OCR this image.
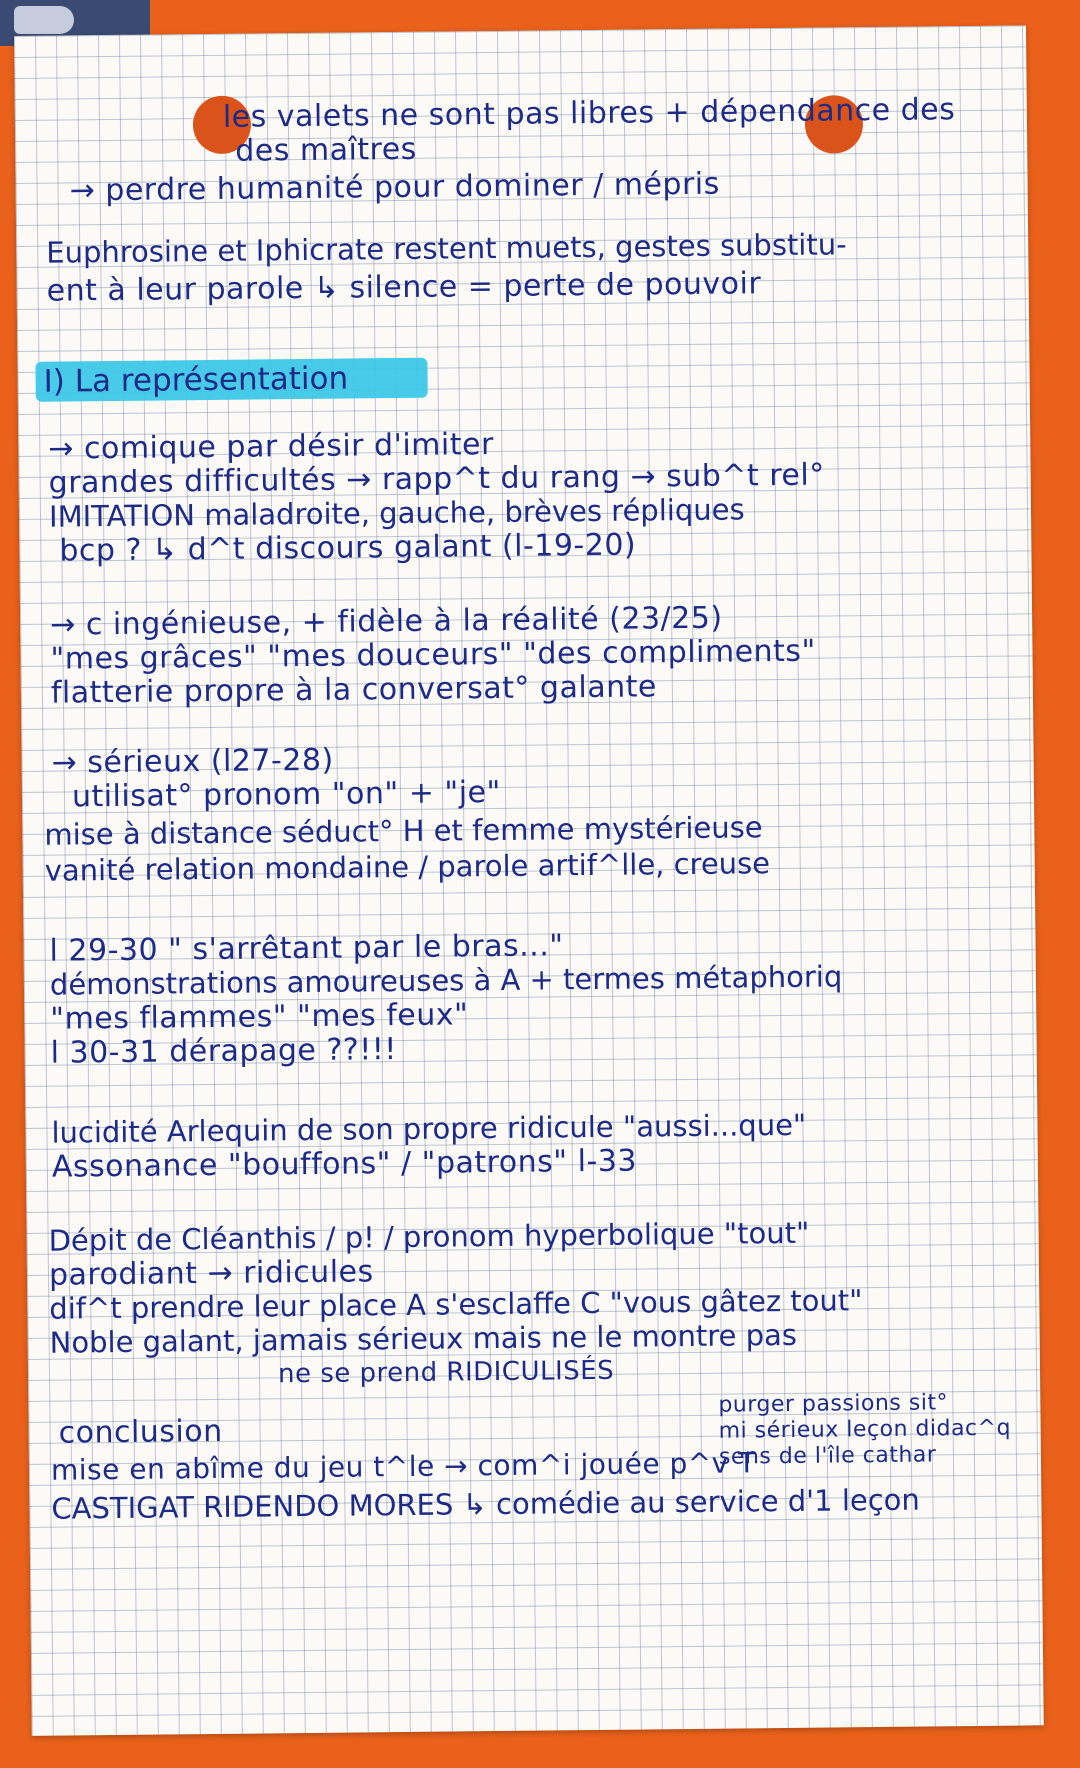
les valets ne sont pas libres + dépendance des
des maîtres
→ perdre humanité pour dominer / mépris
Euphrosine et Iphicrate restent muets, gestes substitu-
ent à leur parole ↳ silence = perte de pouvoir
I) La représentation
→ comique par désir d'imiter
grandes difficultés → rapp^t du rang → sub^t rel°
IMITATION maladroite, gauche, brèves répliques
bcp ? ↳ d^t discours galant (l-19-20)
→ c ingénieuse, + fidèle à la réalité (23/25)
"mes grâces" "mes douceurs" "des compliments"
flatterie propre à la conversat° galante
→ sérieux (l27-28)
utilisat° pronom "on" + "je"
mise à distance séduct° H et femme mystérieuse
vanité relation mondaine / parole artif^lle, creuse
l 29-30 " s'arrêtant par le bras..."
démonstrations amoureuses à A + termes métaphoriq
"mes flammes" "mes feux"
l 30-31 dérapage ??!!!
lucidité Arlequin de son propre ridicule "aussi...que"
Assonance "bouffons" / "patrons" l-33
Dépit de Cléanthis / p! / pronom hyperbolique "tout"
parodiant → ridicules
dif^t prendre leur place A s'esclaffe C "vous gâtez tout"
Noble galant, jamais sérieux mais ne le montre pas
ne se prend RIDICULISÉS
conclusion
purger passions sit°
mi sérieux leçon didac^q
sens de l'île cathar
mise en abîme du jeu t^le → com^i jouée p^v T
CASTIGAT RIDENDO MORES ↳ comédie au service d'1 leçon
